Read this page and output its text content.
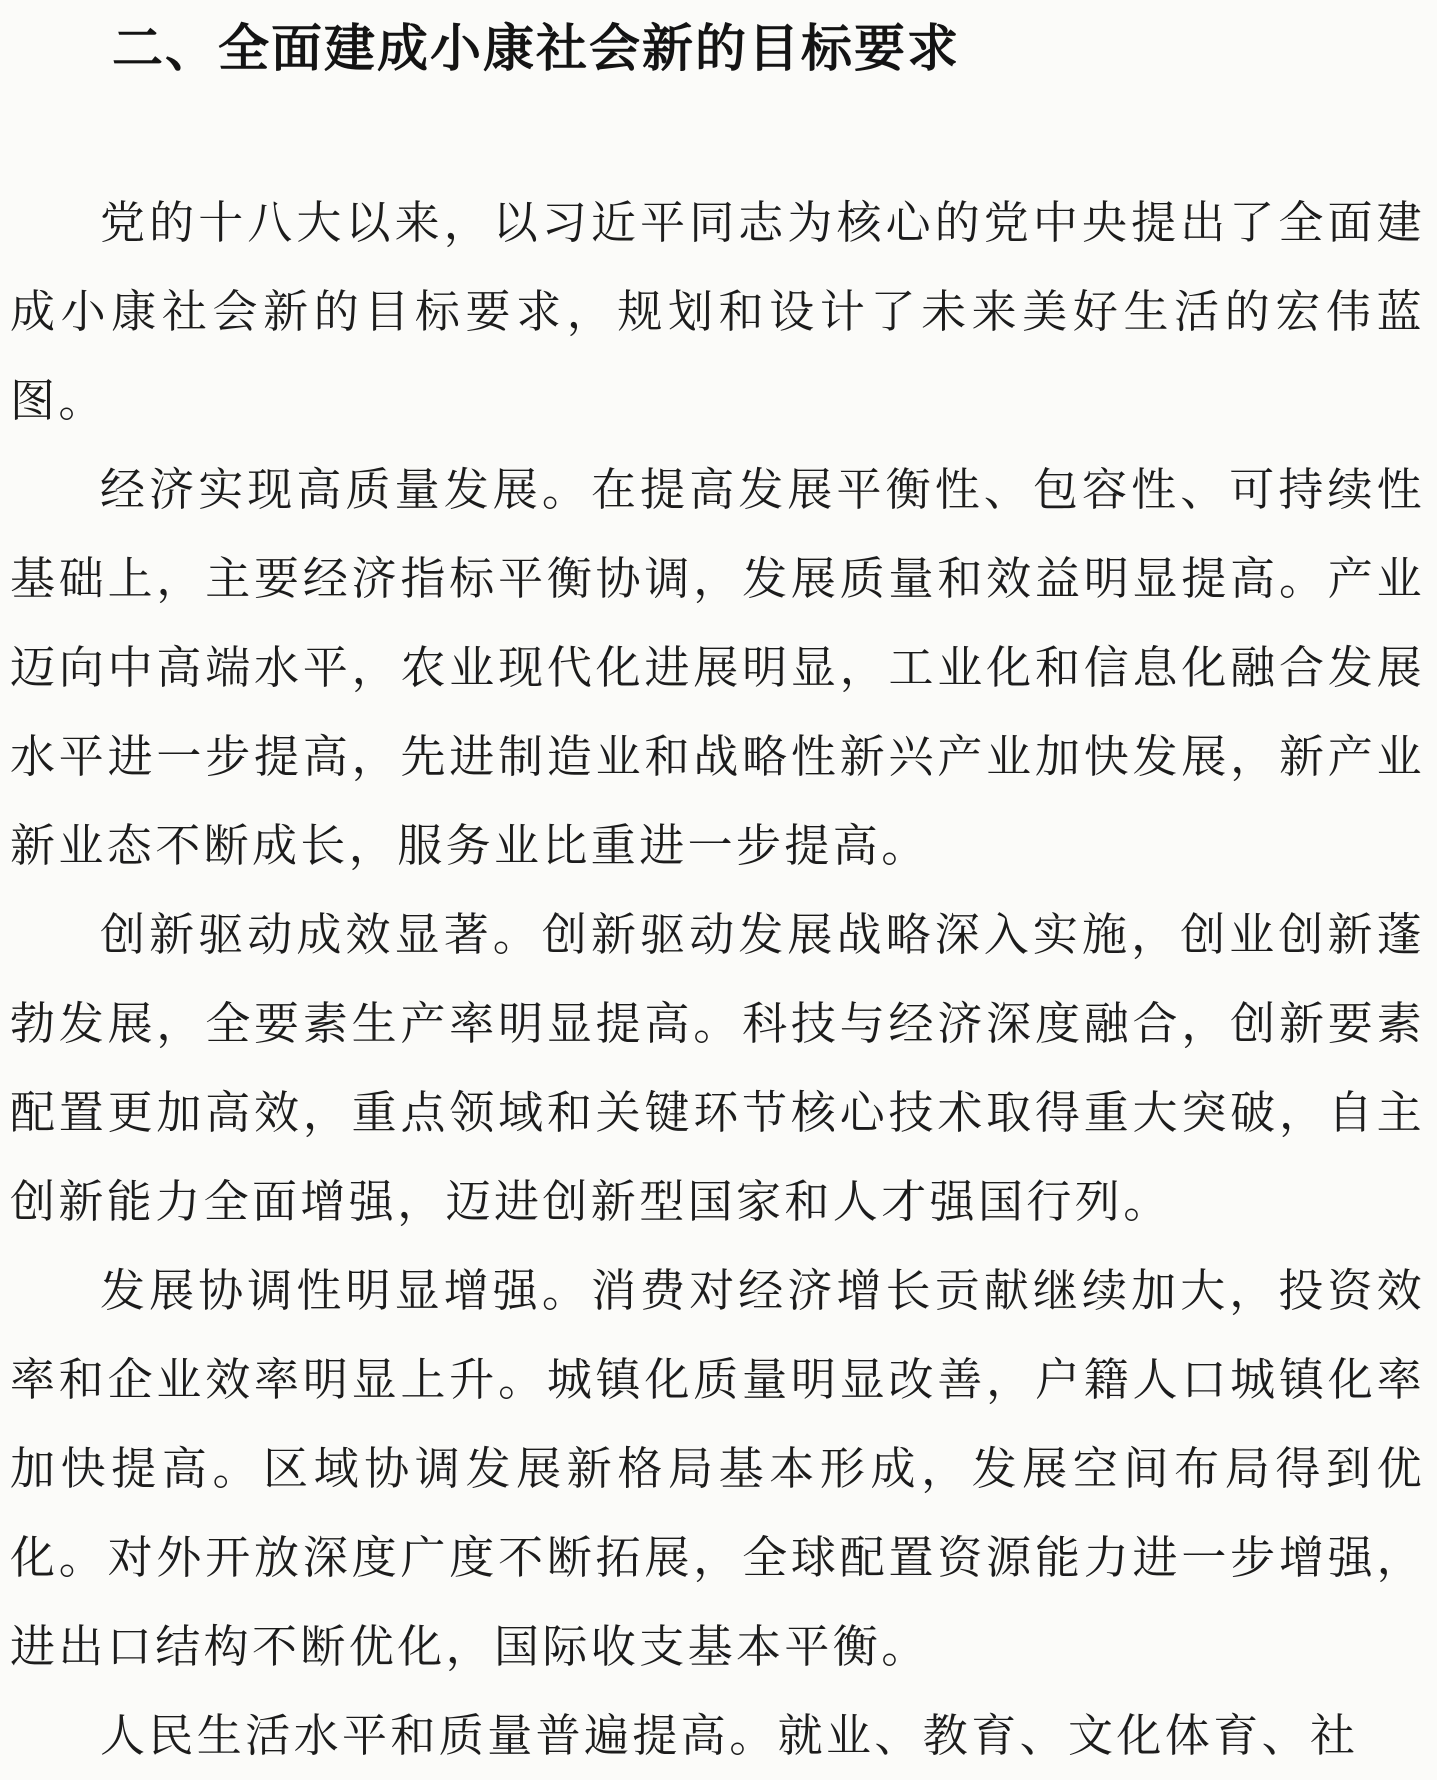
二、全面建成小康社会新的目标要求

党的十八大以来，以习近平同志为核心的党中央提出了全面建成小康社会新的目标要求，规划和设计了未来美好生活的宏伟蓝图。

经济实现高质量发展。在提高发展平衡性、包容性、可持续性基础上，主要经济指标平衡协调，发展质量和效益明显提高。产业迈向中高端水平，农业现代化进展明显，工业化和信息化融合发展水平进一步提高，先进制造业和战略性新兴产业加快发展，新产业新业态不断成长，服务业比重进一步提高。

创新驱动成效显著。创新驱动发展战略深入实施，创业创新蓬勃发展，全要素生产率明显提高。科技与经济深度融合，创新要素配置更加高效，重点领域和关键环节核心技术取得重大突破，自主创新能力全面增强，迈进创新型国家和人才强国行列。

发展协调性明显增强。消费对经济增长贡献继续加大，投资效率和企业效率明显上升。城镇化质量明显改善，户籍人口城镇化率加快提高。区域协调发展新格局基本形成，发展空间布局得到优化。对外开放深度广度不断拓展，全球配置资源能力进一步增强，进出口结构不断优化，国际收支基本平衡。

人民生活水平和质量普遍提高。就业、教育、文化体育、社
